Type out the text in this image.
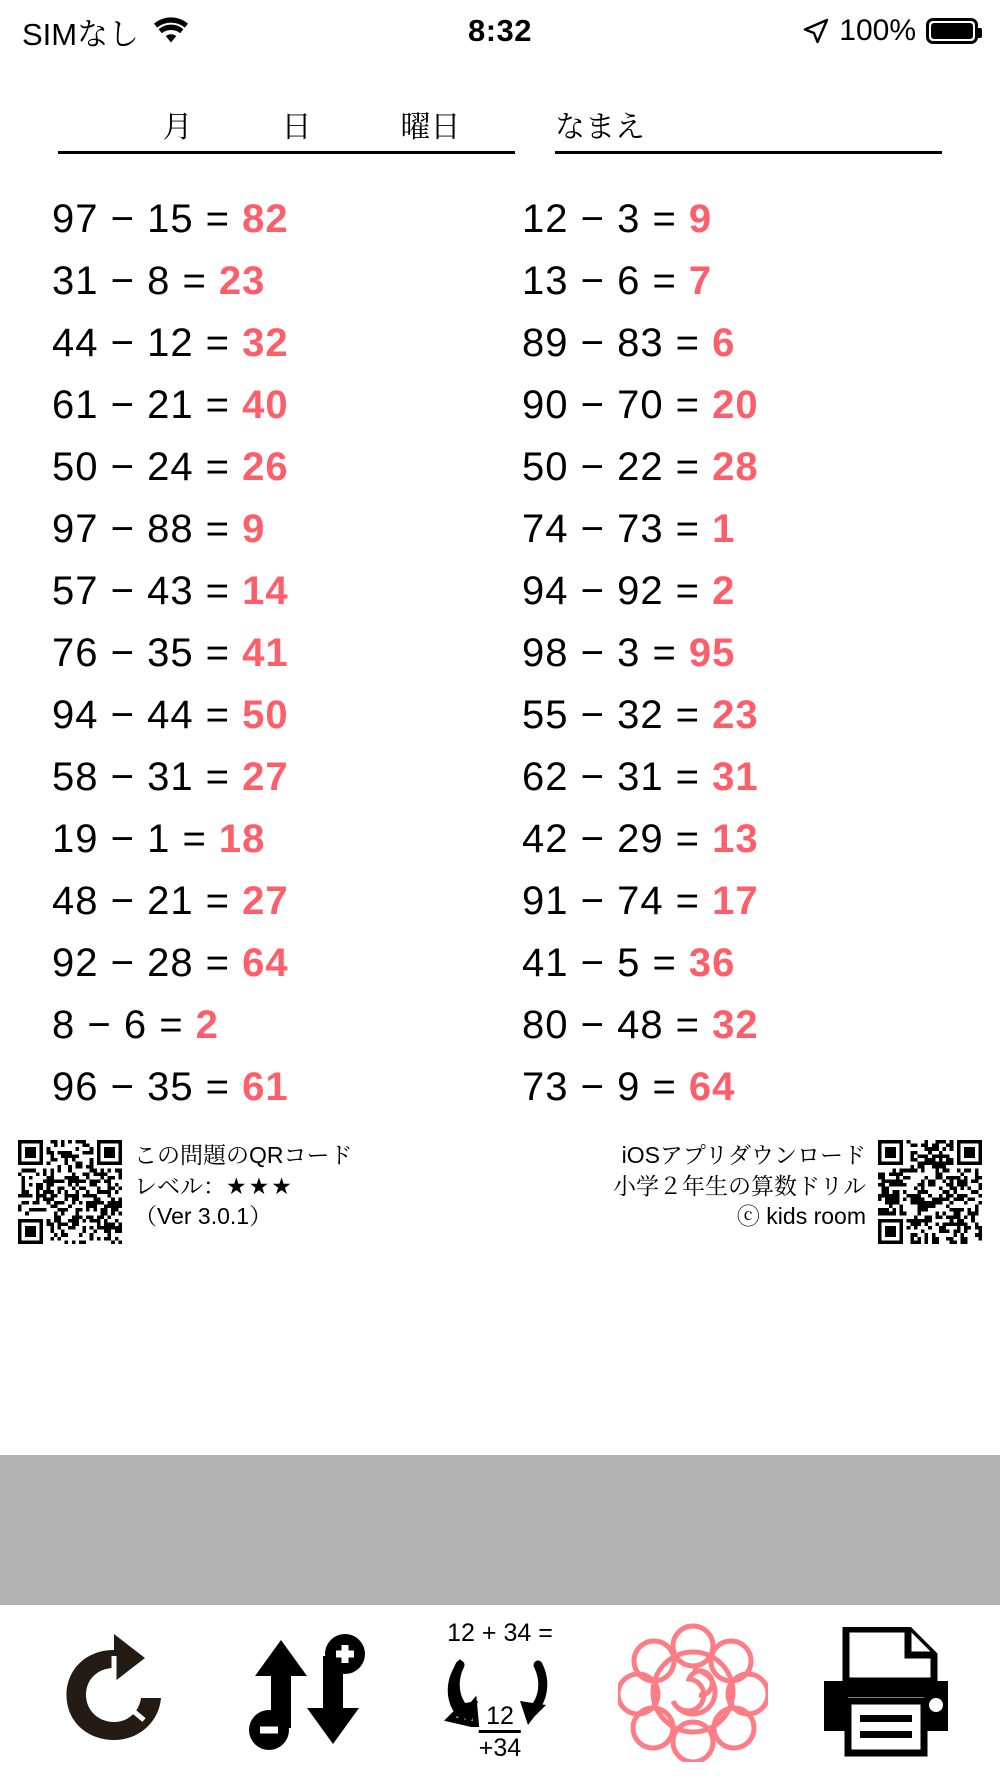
SIMなし	8:32	100%
月	日	曜日	なまえ
97 − 15 = 82
31 − 8 = 23
44 − 12 = 32
61 − 21 = 40
50 − 24 = 26
97 − 88 = 9
57 − 43 = 14
76 − 35 = 41
94 − 44 = 50
58 − 31 = 27
19 − 1 = 18
48 − 21 = 27
92 − 28 = 64
8 − 6 = 2
96 − 35 = 61
12 − 3 = 9
13 − 6 = 7
89 − 83 = 6
90 − 70 = 20
50 − 22 = 28
74 − 73 = 1
94 − 92 = 2
98 − 3 = 95
55 − 32 = 23
62 − 31 = 31
42 − 29 = 13
91 − 74 = 17
41 − 5 = 36
80 − 48 = 32
73 − 9 = 64
この問題のQRコード
レベル：★★★
（Ver 3.0.1）
iOSアプリダウンロード
小学２年生の算数ドリル
ⓒ kids room
12 + 34 =
12
+34
